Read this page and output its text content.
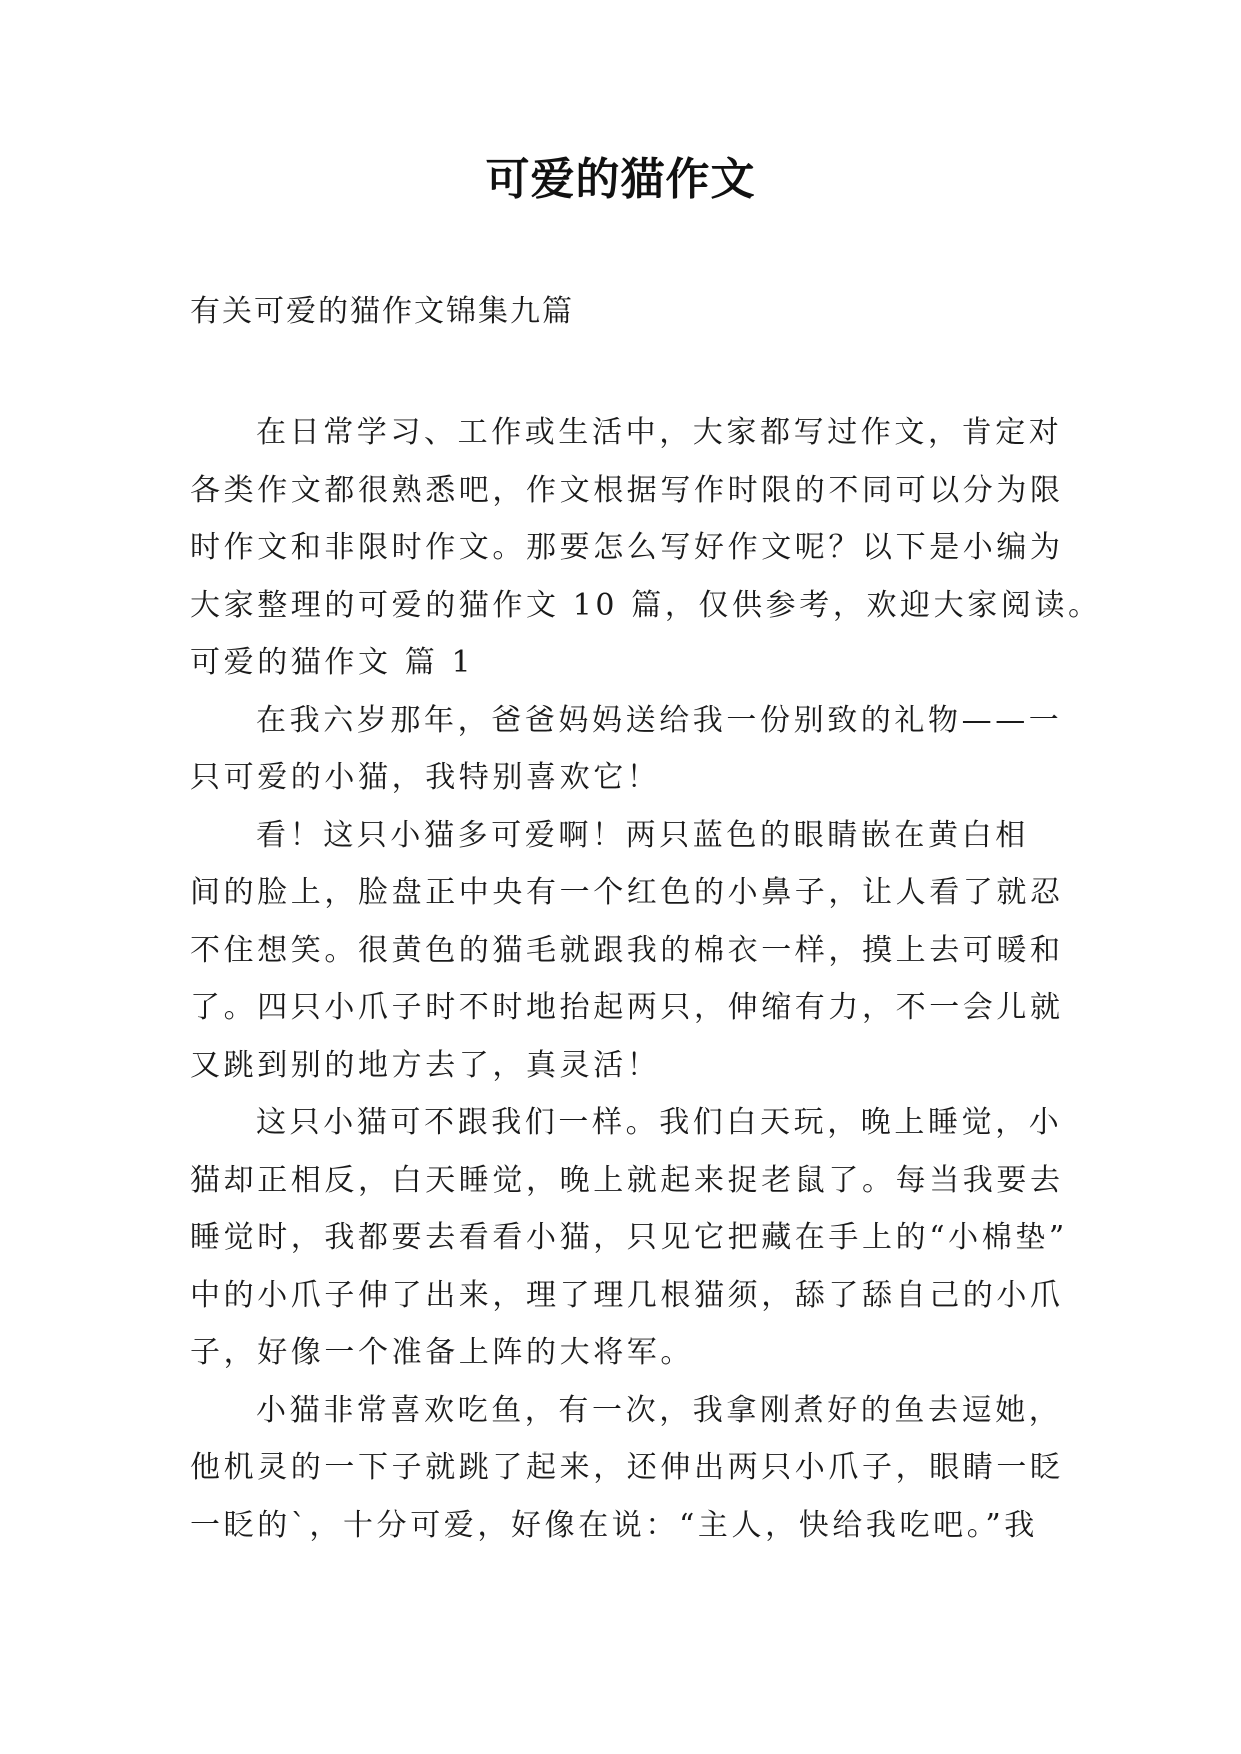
可爱的猫作文
有关可爱的猫作文锦集九篇
在日常学习、工作或生活中，大家都写过作文，肯定对
各类作文都很熟悉吧，作文根据写作时限的不同可以分为限
时作文和非限时作文。那要怎么写好作文呢？以下是小编为
大家整理的可爱的猫作文 10 篇，仅供参考，欢迎大家阅读。
可爱的猫作文 篇 1
在我六岁那年，爸爸妈妈送给我一份别致的礼物——一
只可爱的小猫，我特别喜欢它！
看！这只小猫多可爱啊！两只蓝色的眼睛嵌在黄白相
间的脸上，脸盘正中央有一个红色的小鼻子，让人看了就忍
不住想笑。很黄色的猫毛就跟我的棉衣一样，摸上去可暖和
了。四只小爪子时不时地抬起两只，伸缩有力，不一会儿就
又跳到别的地方去了，真灵活！
这只小猫可不跟我们一样。我们白天玩，晚上睡觉，小
猫却正相反，白天睡觉，晚上就起来捉老鼠了。每当我要去
睡觉时，我都要去看看小猫，只见它把藏在手上的“小棉垫”
中的小爪子伸了出来，理了理几根猫须，舔了舔自己的小爪
子，好像一个准备上阵的大将军。
小猫非常喜欢吃鱼，有一次，我拿刚煮好的鱼去逗她，
他机灵的一下子就跳了起来，还伸出两只小爪子，眼睛一眨
一眨的`，十分可爱，好像在说：“主人，快给我吃吧。”我
